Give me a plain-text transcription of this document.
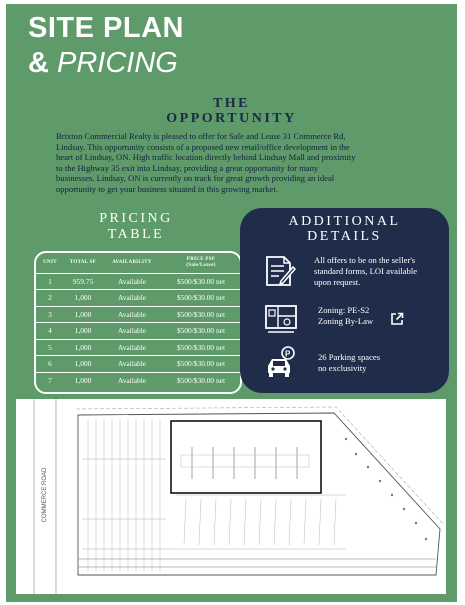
SITE PLAN
& PRICING
THE
OPPORTUNITY
Brixton Commercial Realty is pleased to offer for Sale and Lease 31 Commerce Rd,
Lindsay. This opportunity consists of a proposed new retail/office development in the
heart of Lindsay, ON. High traffic location directly behind Lindsay Mall and proximity
to the Highway 35 exit into Lindsay, providing a great opportunity for many
businesses. Lindsay, ON is currently on track for great growth providing an ideal
opportunity to get your business situated in this growing market.
PRICING
TABLE
UNIT	TOTAL SF	AVAILABILITY	PRICE PSF
(Sale/Lease)

1	959.75	Available	$500/$30.00 net
2	1,000	Available	$500/$30.00 net
3	1,000	Available	$500/$30.00 net
4	1,000	Available	$500/$30.00 net
5	1,000	Available	$500/$30.00 net
6	1,000	Available	$500/$30.00 net
7	1,000	Available	$500/$30.00 net
ADDITIONAL
DETAILS
All offers to be on the seller's
standard forms, LOI available
upon request.
Zoning: PE-S2
Zoning By-Law
P	26 Parking spaces
no exclusivity
COMMERCE ROAD
